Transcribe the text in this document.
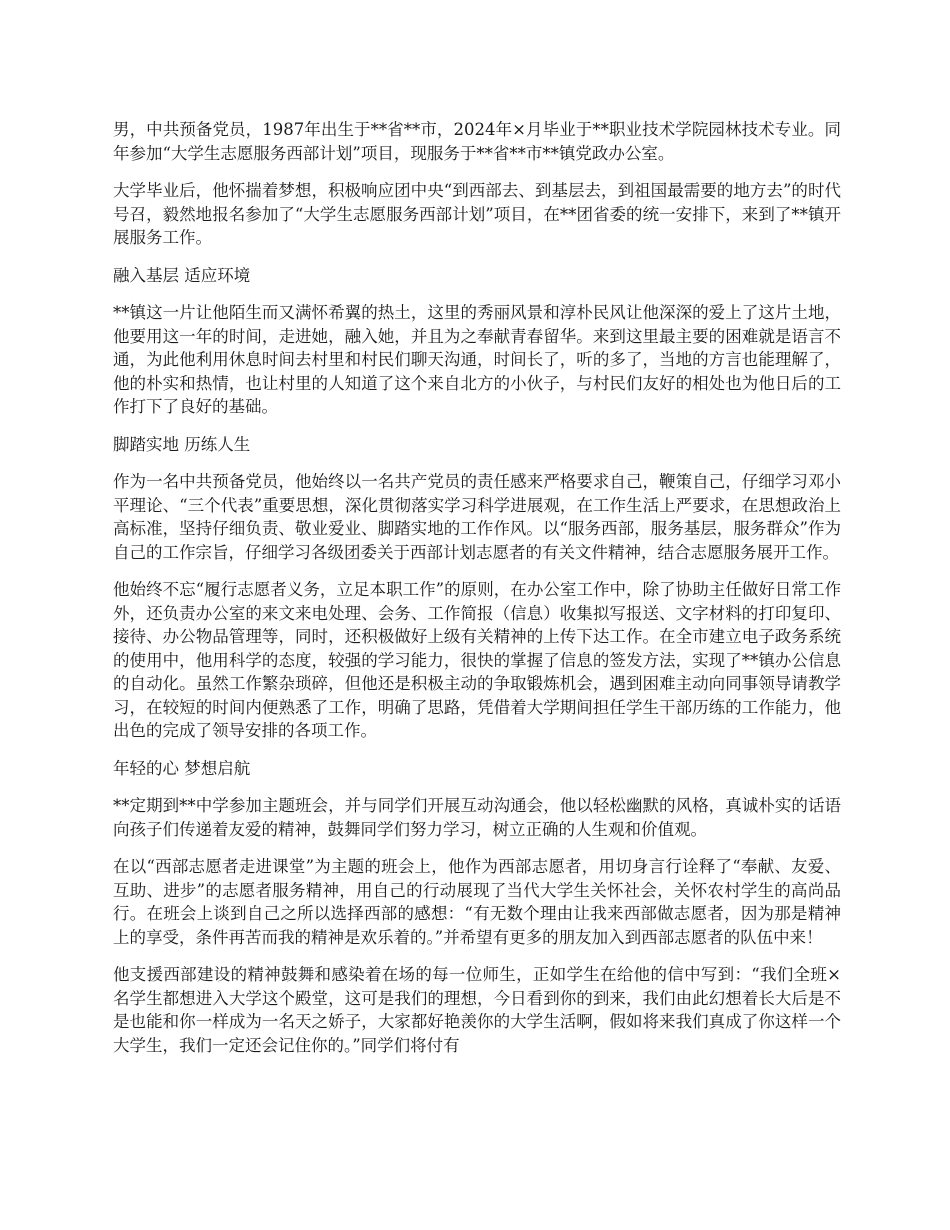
男，中共预备党员，1987年出生于**省**市，2024年×月毕业于**职业技术学院园林技术专业。同年参加“大学生志愿服务西部计划”项目，现服务于**省**市**镇党政办公室。

大学毕业后，他怀揣着梦想，积极响应团中央“到西部去、到基层去，到祖国最需要的地方去”的时代号召，毅然地报名参加了“大学生志愿服务西部计划”项目，在**团省委的统一安排下，来到了**镇开展服务工作。

融入基层 适应环境

**镇这一片让他陌生而又满怀希翼的热土，这里的秀丽风景和淳朴民风让他深深的爱上了这片土地，他要用这一年的时间，走进她，融入她，并且为之奉献青春留华。来到这里最主要的困难就是语言不通，为此他利用休息时间去村里和村民们聊天沟通，时间长了，听的多了，当地的方言也能理解了，他的朴实和热情，也让村里的人知道了这个来自北方的小伙子，与村民们友好的相处也为他日后的工作打下了良好的基础。

脚踏实地 历练人生

作为一名中共预备党员，他始终以一名共产党员的责任感来严格要求自己，鞭策自己，仔细学习邓小平理论、“三个代表”重要思想，深化贯彻落实学习科学进展观，在工作生活上严要求，在思想政治上高标准，坚持仔细负责、敬业爱业、脚踏实地的工作作风。以“服务西部，服务基层，服务群众”作为自己的工作宗旨，仔细学习各级团委关于西部计划志愿者的有关文件精神，结合志愿服务展开工作。

他始终不忘“履行志愿者义务，立足本职工作”的原则，在办公室工作中，除了协助主任做好日常工作外，还负责办公室的来文来电处理、会务、工作简报（信息）收集拟写报送、文字材料的打印复印、接待、办公物品管理等，同时，还积极做好上级有关精神的上传下达工作。在全市建立电子政务系统的使用中，他用科学的态度，较强的学习能力，很快的掌握了信息的签发方法，实现了**镇办公信息的自动化。虽然工作繁杂琐碎，但他还是积极主动的争取锻炼机会，遇到困难主动向同事领导请教学习，在较短的时间内便熟悉了工作，明确了思路，凭借着大学期间担任学生干部历练的工作能力，他出色的完成了领导安排的各项工作。

年轻的心 梦想启航

**定期到**中学参加主题班会，并与同学们开展互动沟通会，他以轻松幽默的风格，真诚朴实的话语向孩子们传递着友爱的精神，鼓舞同学们努力学习，树立正确的人生观和价值观。

在以“西部志愿者走进课堂”为主题的班会上，他作为西部志愿者，用切身言行诠释了“奉献、友爱、互助、进步”的志愿者服务精神，用自己的行动展现了当代大学生关怀社会，关怀农村学生的高尚品行。在班会上谈到自己之所以选择西部的感想：“有无数个理由让我来西部做志愿者，因为那是精神上的享受，条件再苦而我的精神是欢乐着的。”并希望有更多的朋友加入到西部志愿者的队伍中来！

他支援西部建设的精神鼓舞和感染着在场的每一位师生，正如学生在给他的信中写到：“我们全班×名学生都想进入大学这个殿堂，这可是我们的理想，今日看到你的到来，我们由此幻想着长大后是不是也能和你一样成为一名天之娇子，大家都好艳羡你的大学生活啊，假如将来我们真成了你这样一个大学生，我们一定还会记住你的。”同学们将付有
